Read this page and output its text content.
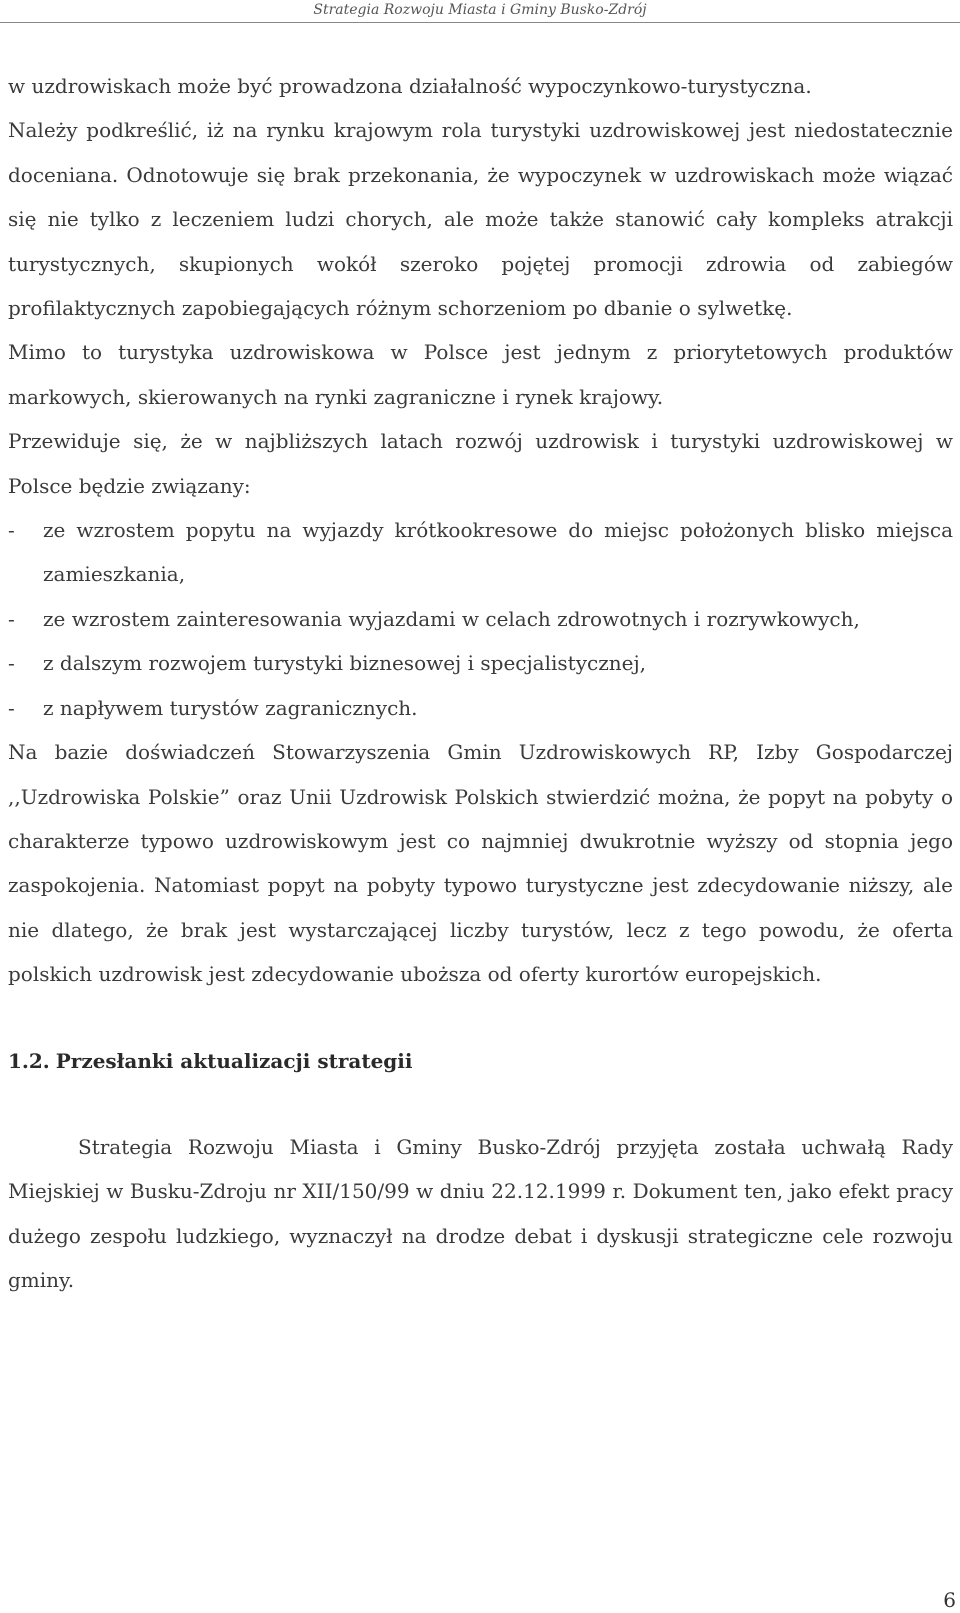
Strategia Rozwoju Miasta i Gminy Busko-Zdrój

w uzdrowiskach może być prowadzona działalność wypoczynkowo-turystyczna.

Należy podkreślić, iż na rynku krajowym rola turystyki uzdrowiskowej jest niedostatecznie doceniana. Odnotowuje się brak przekonania, że wypoczynek w uzdrowiskach może wiązać się nie tylko z leczeniem ludzi chorych, ale może także stanowić cały kompleks atrakcji turystycznych, skupionych wokół szeroko pojętej promocji zdrowia od zabiegów profilaktycznych zapobiegających różnym schorzeniom po dbanie o sylwetkę.

Mimo to turystyka uzdrowiskowa w Polsce jest jednym z priorytetowych produktów markowych, skierowanych na rynki zagraniczne i rynek krajowy.

Przewiduje się, że w najbliższych latach rozwój uzdrowisk i turystyki uzdrowiskowej w Polsce będzie związany:

- ze wzrostem popytu na wyjazdy krótkookresowe do miejsc położonych blisko miejsca zamieszkania,
- ze wzrostem zainteresowania wyjazdami w celach zdrowotnych i rozrywkowych,
- z dalszym rozwojem turystyki biznesowej i specjalistycznej,
- z napływem turystów zagranicznych.

Na bazie doświadczeń Stowarzyszenia Gmin Uzdrowiskowych RP, Izby Gospodarczej ,,Uzdrowiska Polskie” oraz Unii Uzdrowisk Polskich stwierdzić można, że popyt na pobyty o charakterze typowo uzdrowiskowym jest co najmniej dwukrotnie wyższy od stopnia jego zaspokojenia. Natomiast popyt na pobyty typowo turystyczne jest zdecydowanie niższy, ale nie dlatego, że brak jest wystarczającej liczby turystów, lecz z tego powodu, że oferta polskich uzdrowisk jest zdecydowanie uboższa od oferty kurortów europejskich.

1.2. Przesłanki aktualizacji strategii

Strategia Rozwoju Miasta i Gminy Busko-Zdrój przyjęta została uchwałą Rady Miejskiej w Busku-Zdroju nr XII/150/99 w dniu 22.12.1999 r. Dokument ten, jako efekt pracy dużego zespołu ludzkiego, wyznaczył na drodze debat i dyskusji strategiczne cele rozwoju gminy.

6
